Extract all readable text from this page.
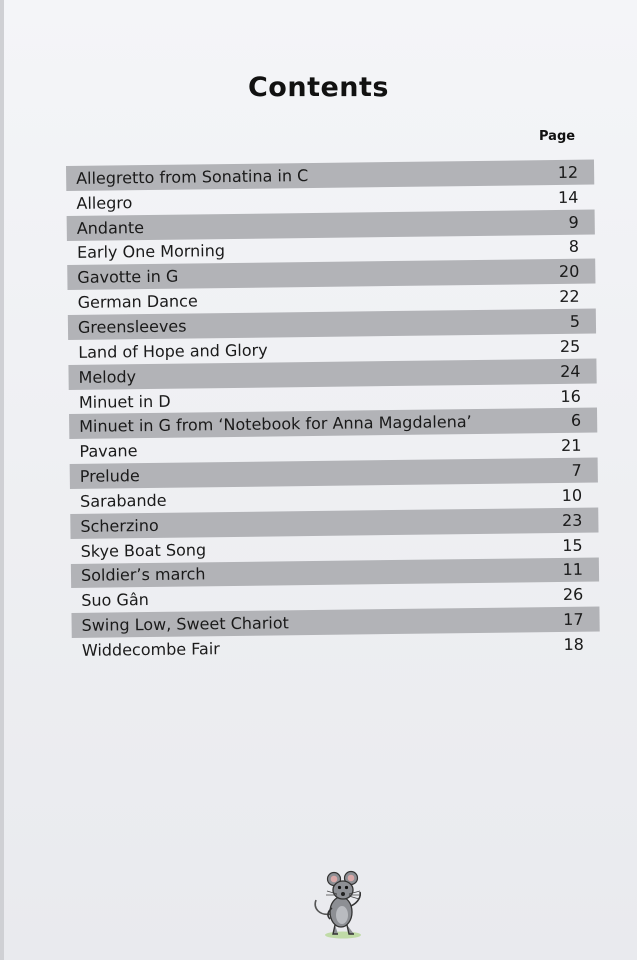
Contents
Page
Allegretto from Sonatina in C	12
Allegro	14
Andante	9
Early One Morning	8
Gavotte in G	20
German Dance	22
Greensleeves	5
Land of Hope and Glory	25
Melody	24
Minuet in D	16
Minuet in G from ‘Notebook for Anna Magdalena’	6
Pavane	21
Prelude	7
Sarabande	10
Scherzino	23
Skye Boat Song	15
Soldier’s march	11
Suo Gân	26
Swing Low, Sweet Chariot	17
Widdecombe Fair	18
